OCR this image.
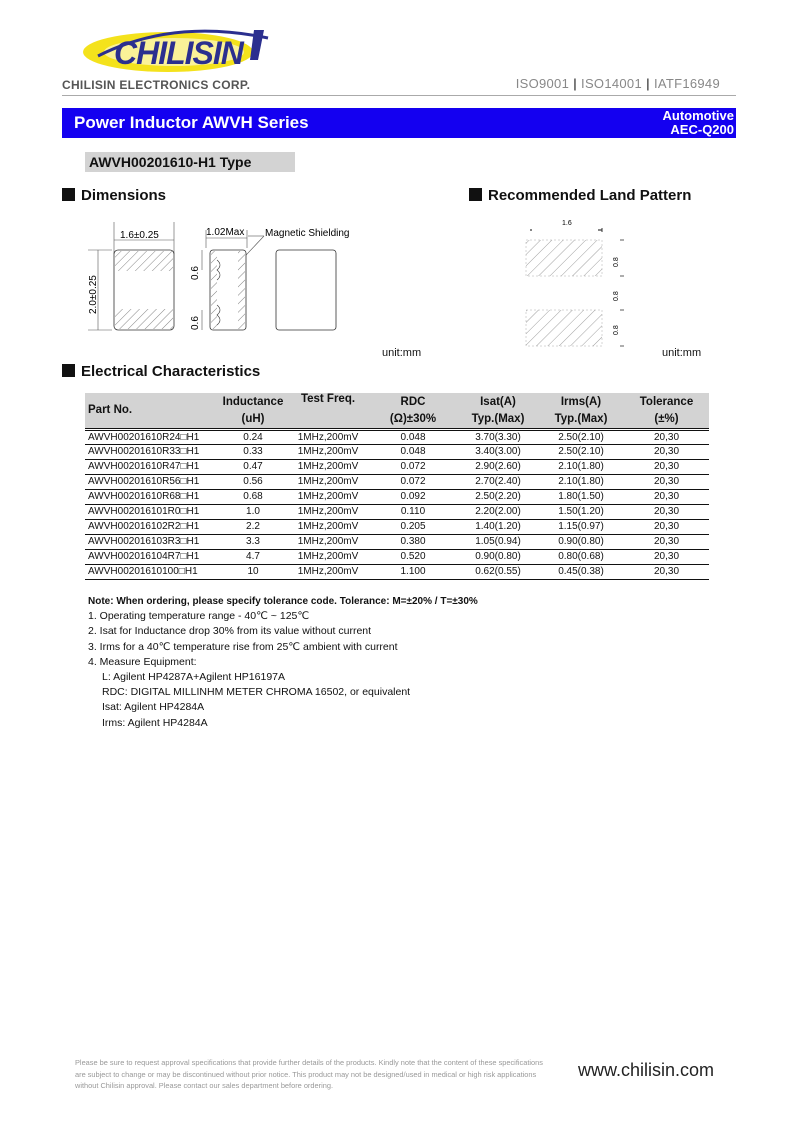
CHILISIN
CHILISIN ELECTRONICS CORP.	ISO9001 | ISO14001 | IATF16949
Power Inductor AWVH Series	Automotive
AEC-Q200
AWVH00201610-H1 Type
Dimensions	Recommended Land Pattern
1.6±0.25
2.0±0.25
1.02Max Magnetic Shielding
0.6
0.6
unit:mm
1.6
0.8
0.8
0.8
unit:mm
Electrical Characteristics
Part No.	Inductance	Test Freq.	RDC	Isat(A)	Irms(A)	Tolerance
	(uH)		(Ω)±30%	Typ.(Max)	Typ.(Max)	(±%)
AWVH00201610R24□H1	0.24	1MHz,200mV	0.048	3.70(3.30)	2.50(2.10)	20,30
AWVH00201610R33□H1	0.33	1MHz,200mV	0.048	3.40(3.00)	2.50(2.10)	20,30
AWVH00201610R47□H1	0.47	1MHz,200mV	0.072	2.90(2.60)	2.10(1.80)	20,30
AWVH00201610R56□H1	0.56	1MHz,200mV	0.072	2.70(2.40)	2.10(1.80)	20,30
AWVH00201610R68□H1	0.68	1MHz,200mV	0.092	2.50(2.20)	1.80(1.50)	20,30
AWVH002016101R0□H1	1.0	1MHz,200mV	0.110	2.20(2.00)	1.50(1.20)	20,30
AWVH002016102R2□H1	2.2	1MHz,200mV	0.205	1.40(1.20)	1.15(0.97)	20,30
AWVH002016103R3□H1	3.3	1MHz,200mV	0.380	1.05(0.94)	0.90(0.80)	20,30
AWVH002016104R7□H1	4.7	1MHz,200mV	0.520	0.90(0.80)	0.80(0.68)	20,30
AWVH00201610100□H1	10	1MHz,200mV	1.100	0.62(0.55)	0.45(0.38)	20,30
Note: When ordering, please specify tolerance code. Tolerance: M=±20% / T=±30%
1. Operating temperature range - 40℃ ~ 125℃
2. Isat for Inductance drop 30% from its value without current
3. Irms for a 40℃ temperature rise from 25℃ ambient with current
4. Measure Equipment:
L: Agilent HP4287A+Agilent HP16197A
RDC: DIGITAL MILLINHM METER CHROMA 16502, or equivalent
Isat: Agilent HP4284A
Irms: Agilent HP4284A
Please be sure to request approval specifications that provide further details of the products. Kindly note that the content of these specifications
are subject to change or may be discontinued without prior notice. This product may not be designed/used in medical or high risk applications
without Chilisin approval. Please contact our sales department before ordering.
www.chilisin.com
